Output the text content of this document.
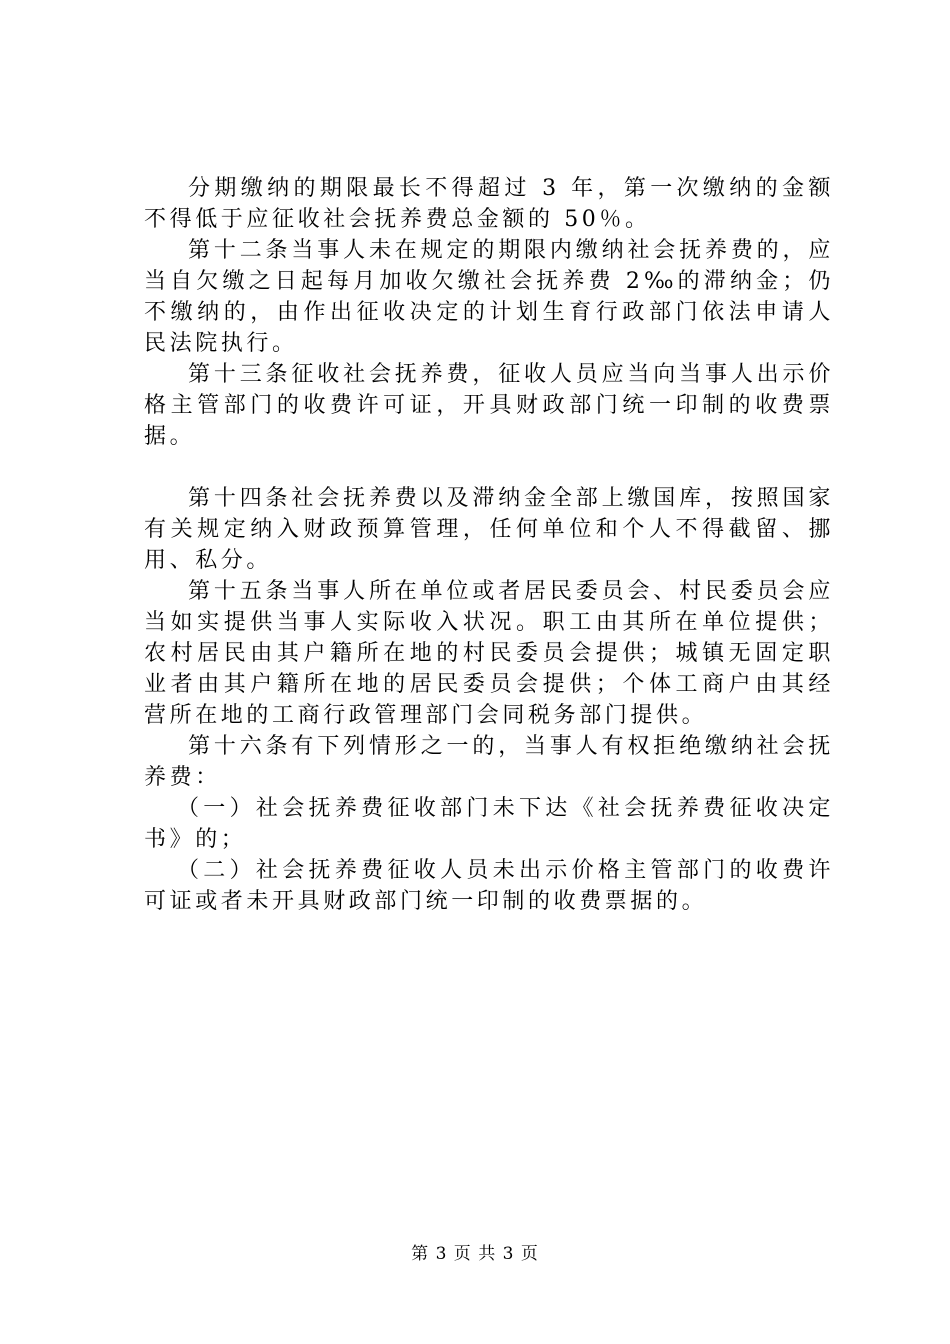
分期缴纳的期限最长不得超过 3 年，第一次缴纳的金额不得低于应征收社会抚养费总金额的 50％。

第十二条当事人未在规定的期限内缴纳社会抚养费的，应当自欠缴之日起每月加收欠缴社会抚养费 2‰的滞纳金；仍不缴纳的，由作出征收决定的计划生育行政部门依法申请人民法院执行。

第十三条征收社会抚养费，征收人员应当向当事人出示价格主管部门的收费许可证，开具财政部门统一印制的收费票据。

第十四条社会抚养费以及滞纳金全部上缴国库，按照国家有关规定纳入财政预算管理，任何单位和个人不得截留、挪用、私分。

第十五条当事人所在单位或者居民委员会、村民委员会应当如实提供当事人实际收入状况。职工由其所在单位提供；农村居民由其户籍所在地的村民委员会提供；城镇无固定职业者由其户籍所在地的居民委员会提供；个体工商户由其经营所在地的工商行政管理部门会同税务部门提供。

第十六条有下列情形之一的，当事人有权拒绝缴纳社会抚养费：

（一）社会抚养费征收部门未下达《社会抚养费征收决定书》的；

（二）社会抚养费征收人员未出示价格主管部门的收费许可证或者未开具财政部门统一印制的收费票据的。

第 3 页 共 3 页
